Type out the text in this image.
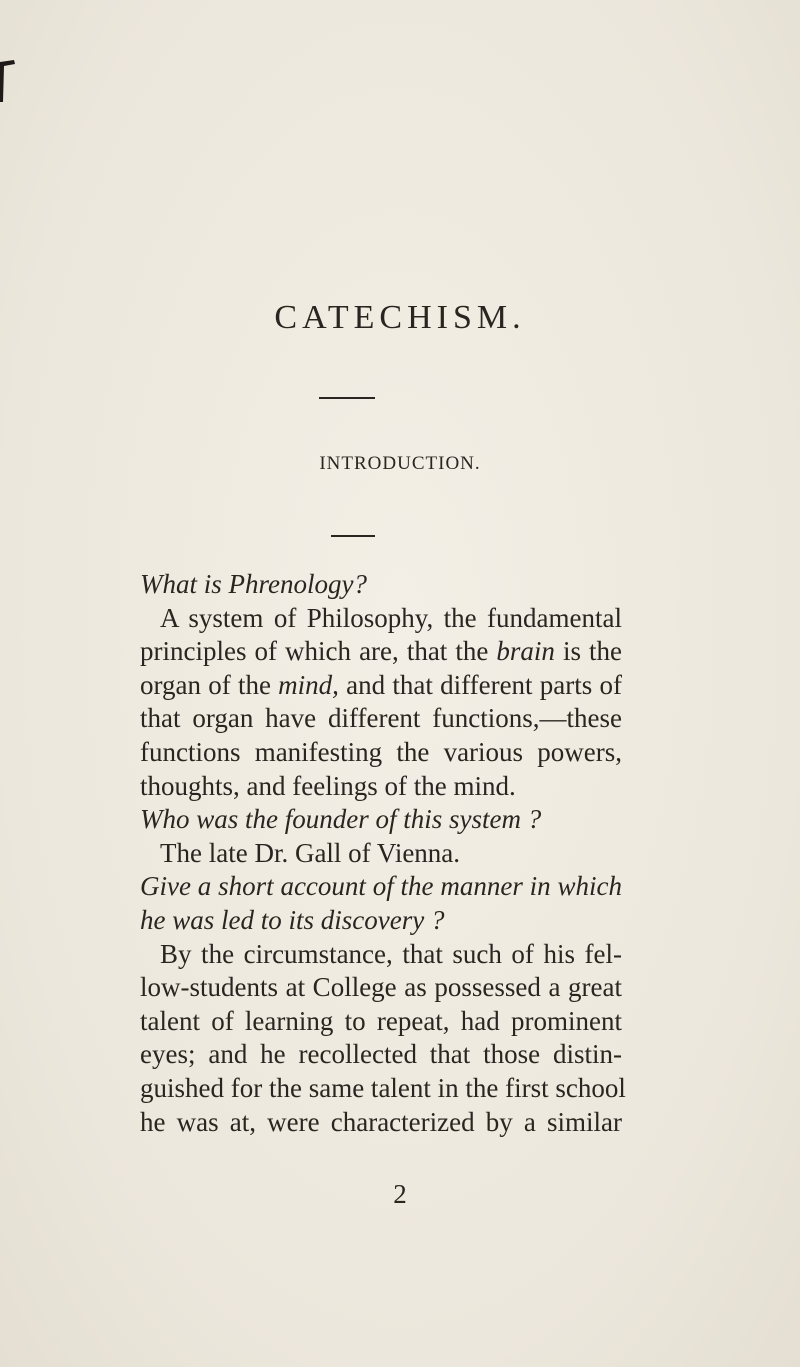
CATECHISM.
INTRODUCTION.
What is Phrenology?
A system of Philosophy, the fundamental
principles of which are, that the brain is the
organ of the mind, and that different parts of
that organ have different functions,—these
functions manifesting the various powers,
thoughts, and feelings of the mind.
Who was the founder of this system ?
The late Dr. Gall of Vienna.
Give a short account of the manner in which
he was led to its discovery ?
By the circumstance, that such of his fel-
low-students at College as possessed a great
talent of learning to repeat, had prominent
eyes; and he recollected that those distin-
guished for the same talent in the first school
he was at, were characterized by a similar
2
